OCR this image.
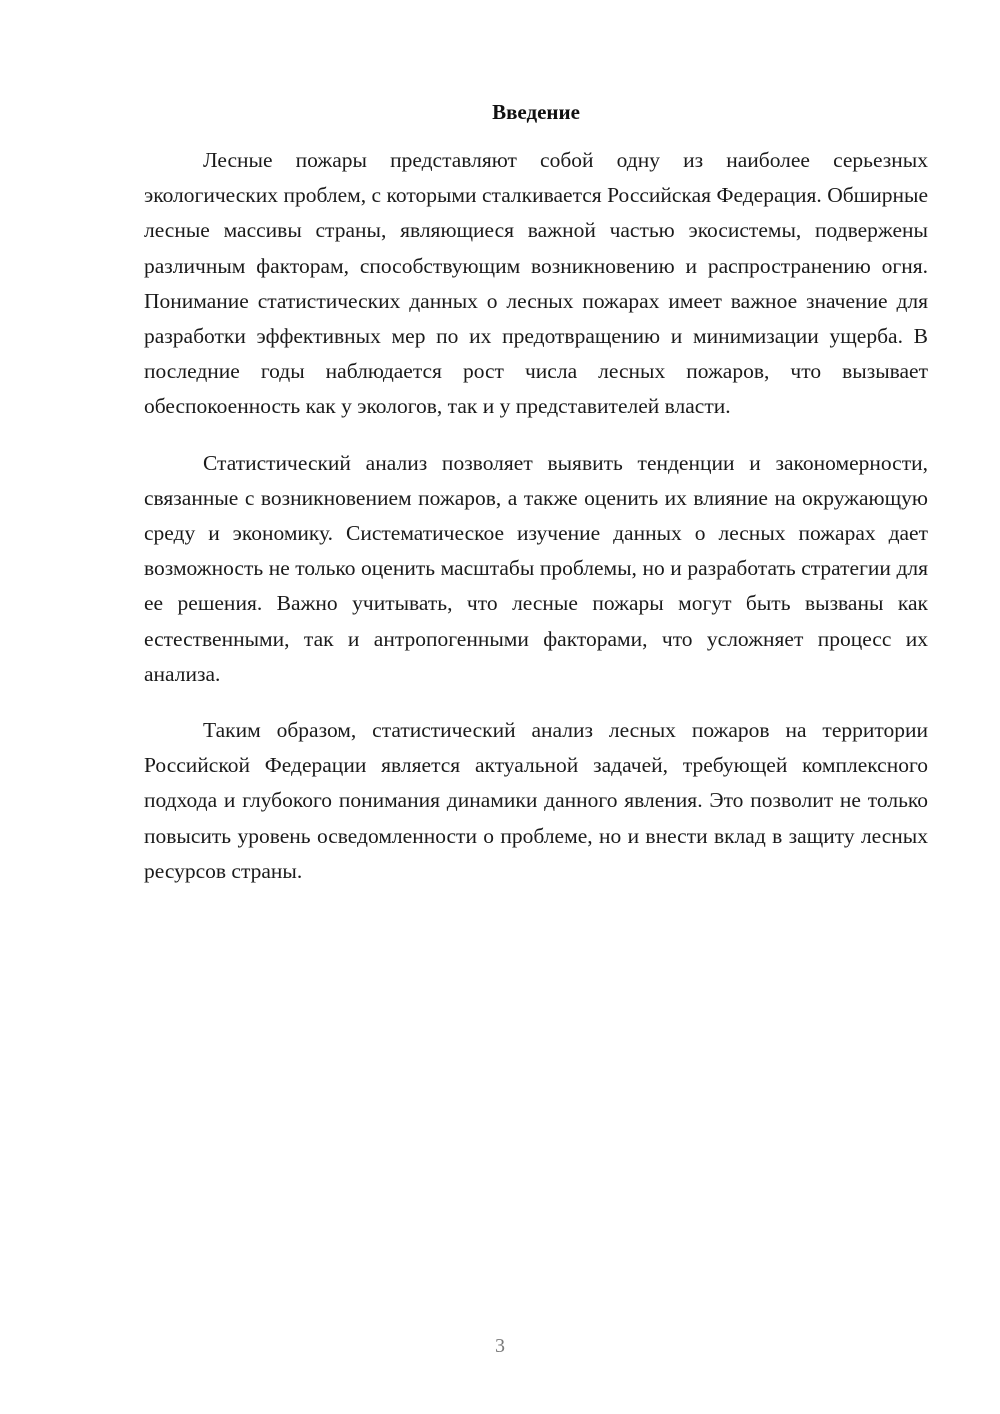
Введение

Лесные пожары представляют собой одну из наиболее серьезных экологических проблем, с которыми сталкивается Российская Федерация. Обширные лесные массивы страны, являющиеся важной частью экосистемы, подвержены различным факторам, способствующим возникновению и распространению огня. Понимание статистических данных о лесных пожарах имеет важное значение для разработки эффективных мер по их предотвращению и минимизации ущерба. В последние годы наблюдается рост числа лесных пожаров, что вызывает обеспокоенность как у экологов, так и у представителей власти.

Статистический анализ позволяет выявить тенденции и закономерности, связанные с возникновением пожаров, а также оценить их влияние на окружающую среду и экономику. Систематическое изучение данных о лесных пожарах дает возможность не только оценить масштабы проблемы, но и разработать стратегии для ее решения. Важно учитывать, что лесные пожары могут быть вызваны как естественными, так и антропогенными факторами, что усложняет процесс их анализа.

Таким образом, статистический анализ лесных пожаров на территории Российской Федерации является актуальной задачей, требующей комплексного подхода и глубокого понимания динамики данного явления. Это позволит не только повысить уровень осведомленности о проблеме, но и внести вклад в защиту лесных ресурсов страны.

3
